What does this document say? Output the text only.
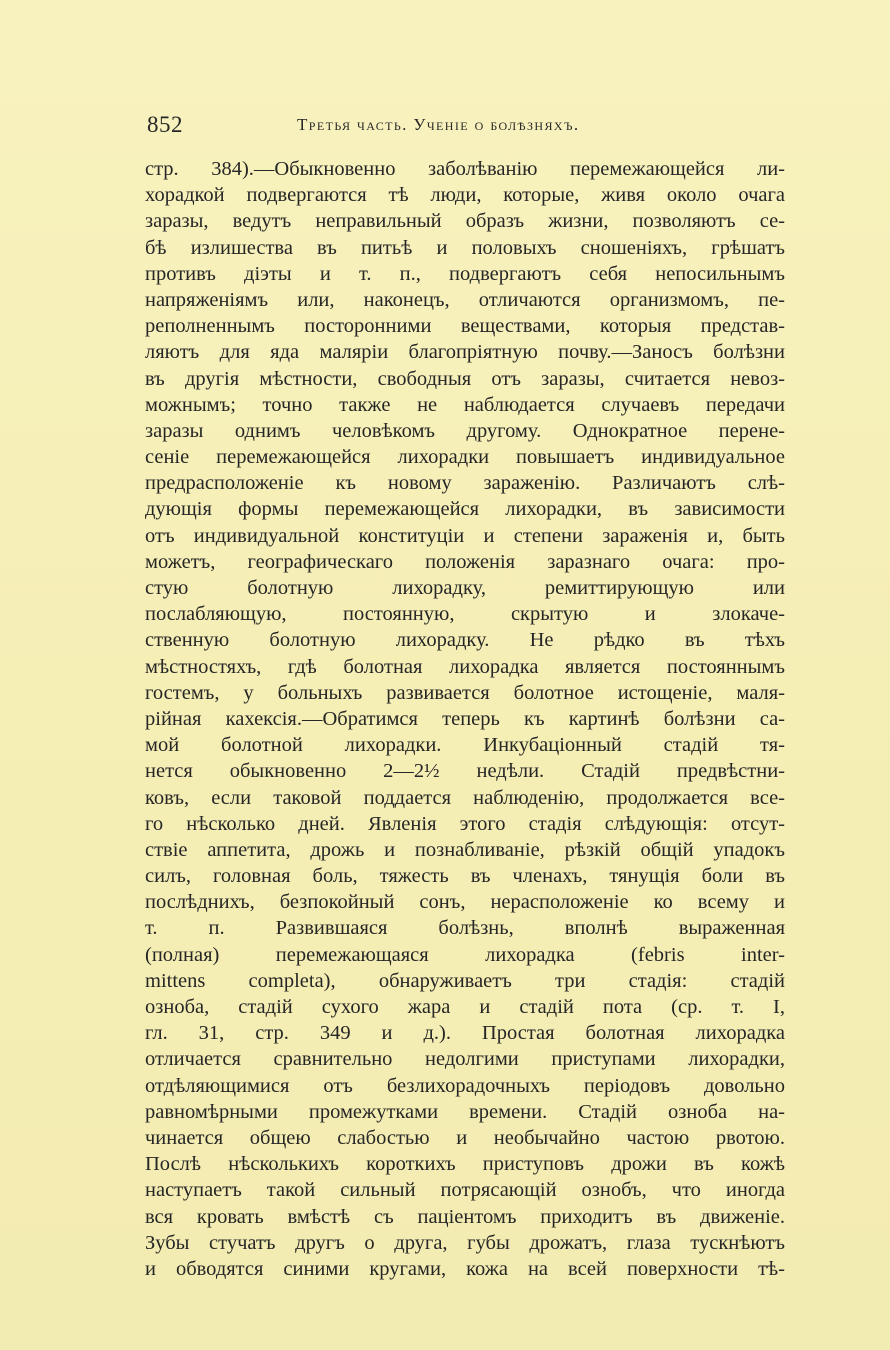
852	Третья часть. Ученіе о болѣзняхъ.
стр. 384).—Обыкновенно заболѣванію перемежающейся ли-
хорадкой подвергаются тѣ люди, которые, живя около очага
заразы, ведутъ неправильный образъ жизни, позволяютъ се-
бѣ излишества въ питьѣ и половыхъ сношеніяхъ, грѣшатъ
противъ діэты и т. п., подвергаютъ себя непосильнымъ
напряженіямъ или, наконецъ, отличаются организмомъ, пе-
реполненнымъ посторонними веществами, которыя представ-
ляютъ для яда маляріи благопріятную почву.—Заносъ болѣзни
въ другія мѣстности, свободныя отъ заразы, считается невоз-
можнымъ; точно также не наблюдается случаевъ передачи
заразы однимъ человѣкомъ другому. Однократное перене-
сеніе перемежающейся лихорадки повышаетъ индивидуальное
предрасположеніе къ новому зараженію. Различаютъ слѣ-
дующія формы перемежающейся лихорадки, въ зависимости
отъ индивидуальной конституціи и степени зараженія и, быть
можетъ, географическаго положенія заразнаго очага: про-
стую болотную лихорадку, ремиттирующую или
послабляющую, постоянную, скрытую и злокаче-
ственную болотную лихорадку. Не рѣдко въ тѣхъ
мѣстностяхъ, гдѣ болотная лихорадка является постояннымъ
гостемъ, у больныхъ развивается болотное истощеніе, маля-
рійная кахексія.—Обратимся теперь къ картинѣ болѣзни са-
мой болотной лихорадки. Инкубаціонный стадій тя-
нется обыкновенно 2—2½ недѣли. Стадій предвѣстни-
ковъ, если таковой поддается наблюденію, продолжается все-
го нѣсколько дней. Явленія этого стадія слѣдующія: отсут-
ствіе аппетита, дрожь и познабливаніе, рѣзкій общій упадокъ
силъ, головная боль, тяжесть въ членахъ, тянущія боли въ
послѣднихъ, безпокойный сонъ, нерасположеніе ко всему и
т. п. Развившаяся болѣзнь, вполнѣ выраженная
(полная) перемежающаяся лихорадка (febris inter-
mittens completa), обнаруживаетъ три стадія: стадій
озноба, стадій сухого жара и стадій пота (ср. т. I,
гл. 31, стр. 349 и д.). Простая болотная лихорадка
отличается сравнительно недолгими приступами лихорадки,
отдѣляющимися отъ безлихорадочныхъ періодовъ довольно
равномѣрными промежутками времени. Стадій озноба на-
чинается общею слабостью и необычайно частою рвотою.
Послѣ нѣсколькихъ короткихъ приступовъ дрожи въ кожѣ
наступаетъ такой сильный потрясающій ознобъ, что иногда
вся кровать вмѣстѣ съ паціентомъ приходитъ въ движеніе.
Зубы стучатъ другъ о друга, губы дрожатъ, глаза тускнѣютъ
и обводятся синими кругами, кожа на всей поверхности тѣ-
